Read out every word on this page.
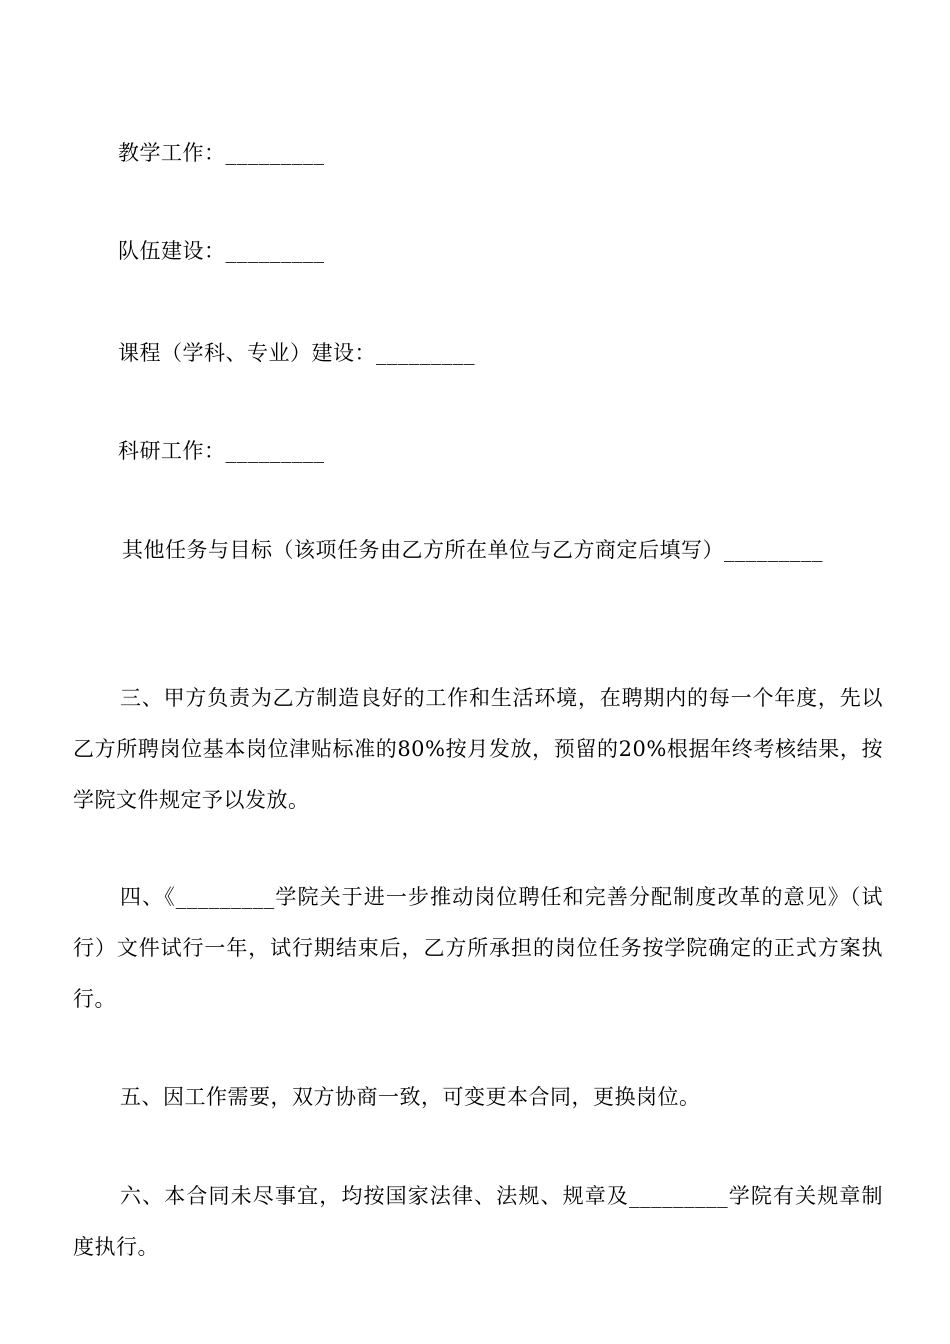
教学工作：_________
队伍建设：_________
课程（学科、专业）建设：_________
科研工作：_________
其他任务与目标（该项任务由乙方所在单位与乙方商定后填写）_________
三、甲方负责为乙方制造良好的工作和生活环境，在聘期内的每一个年度，先以乙方所聘岗位基本岗位津贴标准的80%按月发放，预留的20%根据年终考核结果，按学院文件规定予以发放。
四、《_________学院关于进一步推动岗位聘任和完善分配制度改革的意见》（试行）文件试行一年，试行期结束后，乙方所承担的岗位任务按学院确定的正式方案执行。
五、因工作需要，双方协商一致，可变更本合同，更换岗位。
六、本合同未尽事宜，均按国家法律、法规、规章及_________学院有关规章制度执行。
